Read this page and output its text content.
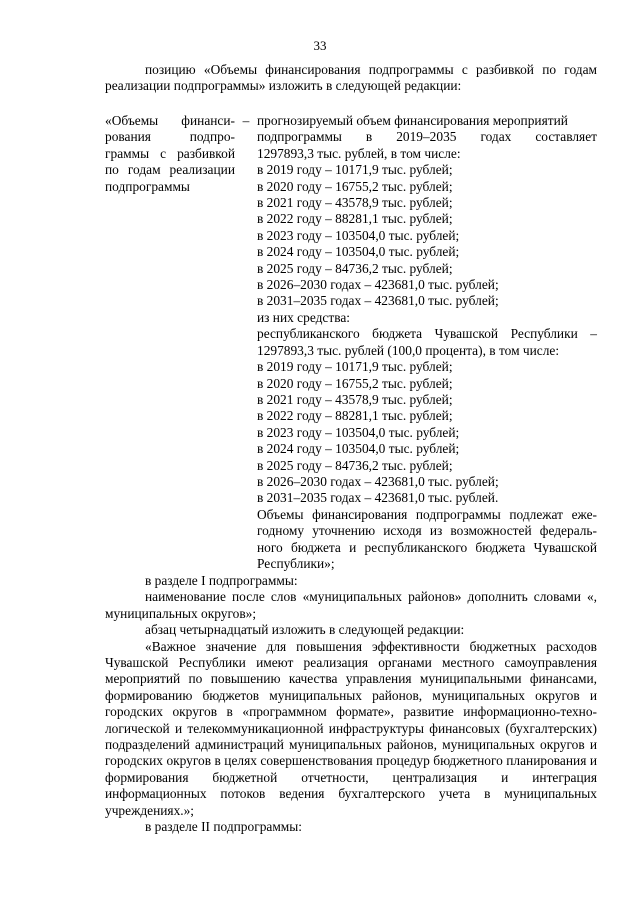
33

позицию «Объемы финансирования подпрограммы с разбивкой по годам реализации подпрограммы» изложить в следующей редакции:

«Объемы финанси-
рования подпро-
граммы с разбивкой
по годам реализации
подпрограммы
– прогнозируемый объем финансирования мероприятий
подпрограммы в 2019–2035 годах составляет
1297893,3 тыс. рублей, в том числе:
в 2019 году – 10171,9 тыс. рублей;
в 2020 году – 16755,2 тыс. рублей;
в 2021 году – 43578,9 тыс. рублей;
в 2022 году – 88281,1 тыс. рублей;
в 2023 году – 103504,0 тыс. рублей;
в 2024 году – 103504,0 тыс. рублей;
в 2025 году – 84736,2 тыс. рублей;
в 2026–2030 годах – 423681,0 тыс. рублей;
в 2031–2035 годах – 423681,0 тыс. рублей;
из них средства:
республиканского бюджета Чувашской Республики –
1297893,3 тыс. рублей (100,0 процента), в том числе:
в 2019 году – 10171,9 тыс. рублей;
в 2020 году – 16755,2 тыс. рублей;
в 2021 году – 43578,9 тыс. рублей;
в 2022 году – 88281,1 тыс. рублей;
в 2023 году – 103504,0 тыс. рублей;
в 2024 году – 103504,0 тыс. рублей;
в 2025 году – 84736,2 тыс. рублей;
в 2026–2030 годах – 423681,0 тыс. рублей;
в 2031–2035 годах – 423681,0 тыс. рублей.
Объемы финансирования подпрограммы подлежат еже-
годному уточнению исходя из возможностей федераль-
ного бюджета и республиканского бюджета Чувашской
Республики»;

в разделе I подпрограммы:

наименование после слов «муниципальных районов» дополнить словами «, муниципальных округов»;

абзац четырнадцатый изложить в следующей редакции:

«Важное значение для повышения эффективности бюджетных расходов Чувашской Республики имеют реализация органами местного самоуправления мероприятий по повышению качества управления муниципальными финансами, формированию бюджетов муниципальных районов, муниципальных округов и городских округов в «программном формате», развитие информационно-технологической и телекоммуникационной инфраструктуры финансовых (бухгалтерских) подразделений администраций муниципальных районов, муниципальных округов и городских округов в целях совершенствования процедур бюджетного планирования и формирования бюджетной отчетности, централизация и интеграция информационных потоков ведения бухгалтерского учета в муниципальных учреждениях.»;

в разделе II подпрограммы:
